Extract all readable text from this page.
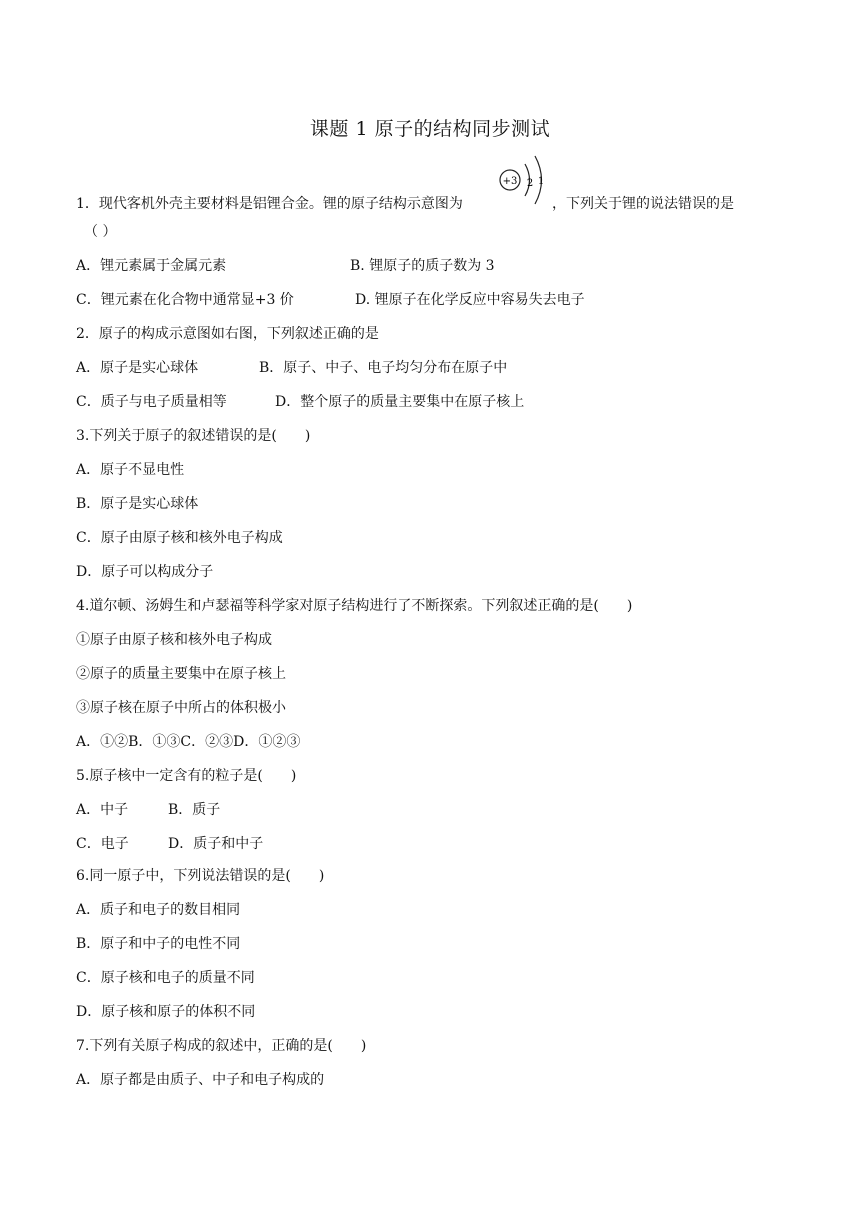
课题 1 原子的结构同步测试
+3 2 1
1．现代客机外壳主要材料是铝锂合金。锂的原子结构示意图为	，下列关于锂的说法错误的是
（ ）
A．锂元素属于金属元素	B. 锂原子的质子数为 3
C．锂元素在化合物中通常显+3 价	D. 锂原子在化学反应中容易失去电子
2．原子的构成示意图如右图，下列叙述正确的是
A．原子是实心球体	B．原子、中子、电子均匀分布在原子中
C．质子与电子质量相等	D．整个原子的质量主要集中在原子核上
3.下列关于原子的叙述错误的是(　　)
A．原子不显电性
B．原子是实心球体
C．原子由原子核和核外电子构成
D．原子可以构成分子
4.道尔顿、汤姆生和卢瑟福等科学家对原子结构进行了不断探索。下列叙述正确的是(　　)
①原子由原子核和核外电子构成
②原子的质量主要集中在原子核上
③原子核在原子中所占的体积极小
A．①②B．①③C．②③D．①②③
5.原子核中一定含有的粒子是(　　)
A．中子	B．质子
C．电子	D．质子和中子
6.同一原子中，下列说法错误的是(　　)
A．质子和电子的数目相同
B．原子和中子的电性不同
C．原子核和电子的质量不同
D．原子核和原子的体积不同
7.下列有关原子构成的叙述中，正确的是(　　)
A．原子都是由质子、中子和电子构成的
